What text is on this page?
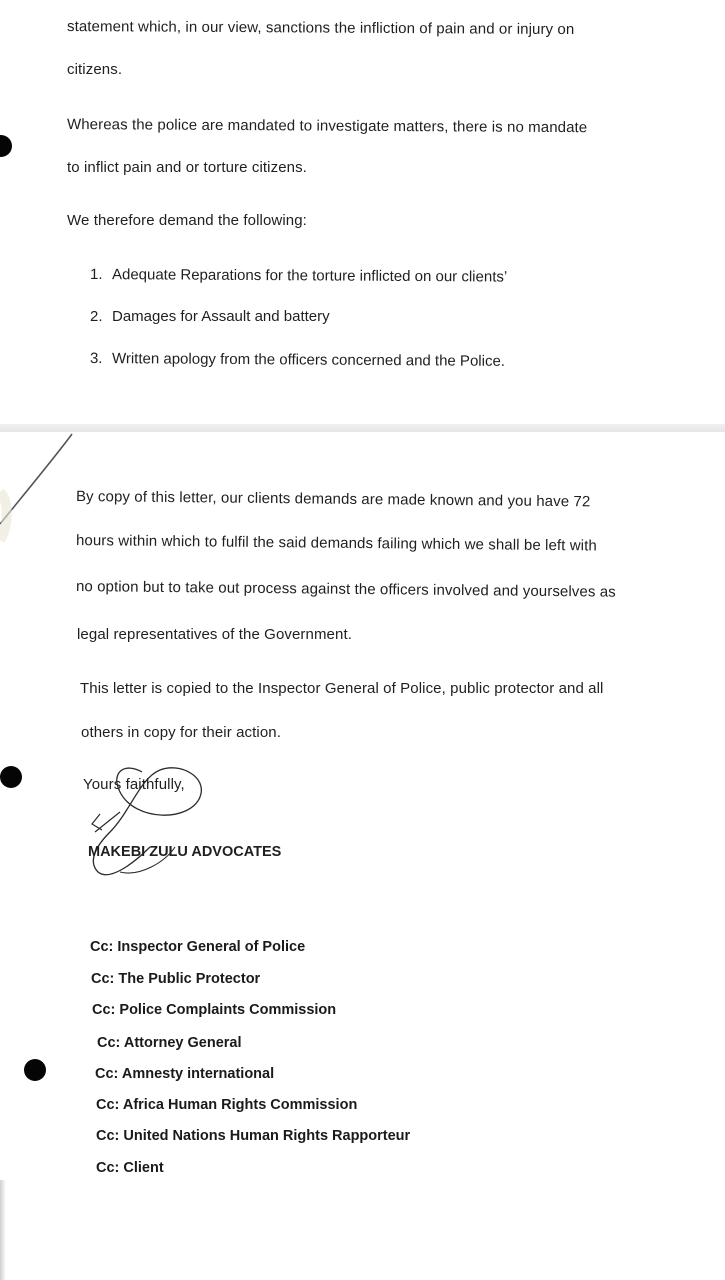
statement which, in our view, sanctions the infliction of pain and or injury on
citizens.
Whereas the police are mandated to investigate matters, there is no mandate
to inflict pain and or torture citizens.
We therefore demand the following:
1. Adequate Reparations for the torture inflicted on our clients’
2. Damages for Assault and battery
3. Written apology from the officers concerned and the Police.
By copy of this letter, our clients demands are made known and you have 72
hours within which to fulfil the said demands failing which we shall be left with
no option but to take out process against the officers involved and yourselves as
legal representatives of the Government.
This letter is copied to the Inspector General of Police, public protector and all
others in copy for their action.
Yours faithfully,
MAKEBI ZULU ADVOCATES
Cc: Inspector General of Police
Cc: The Public Protector
Cc: Police Complaints Commission
Cc: Attorney General
Cc: Amnesty international
Cc: Africa Human Rights Commission
Cc: United Nations Human Rights Rapporteur
Cc: Client
